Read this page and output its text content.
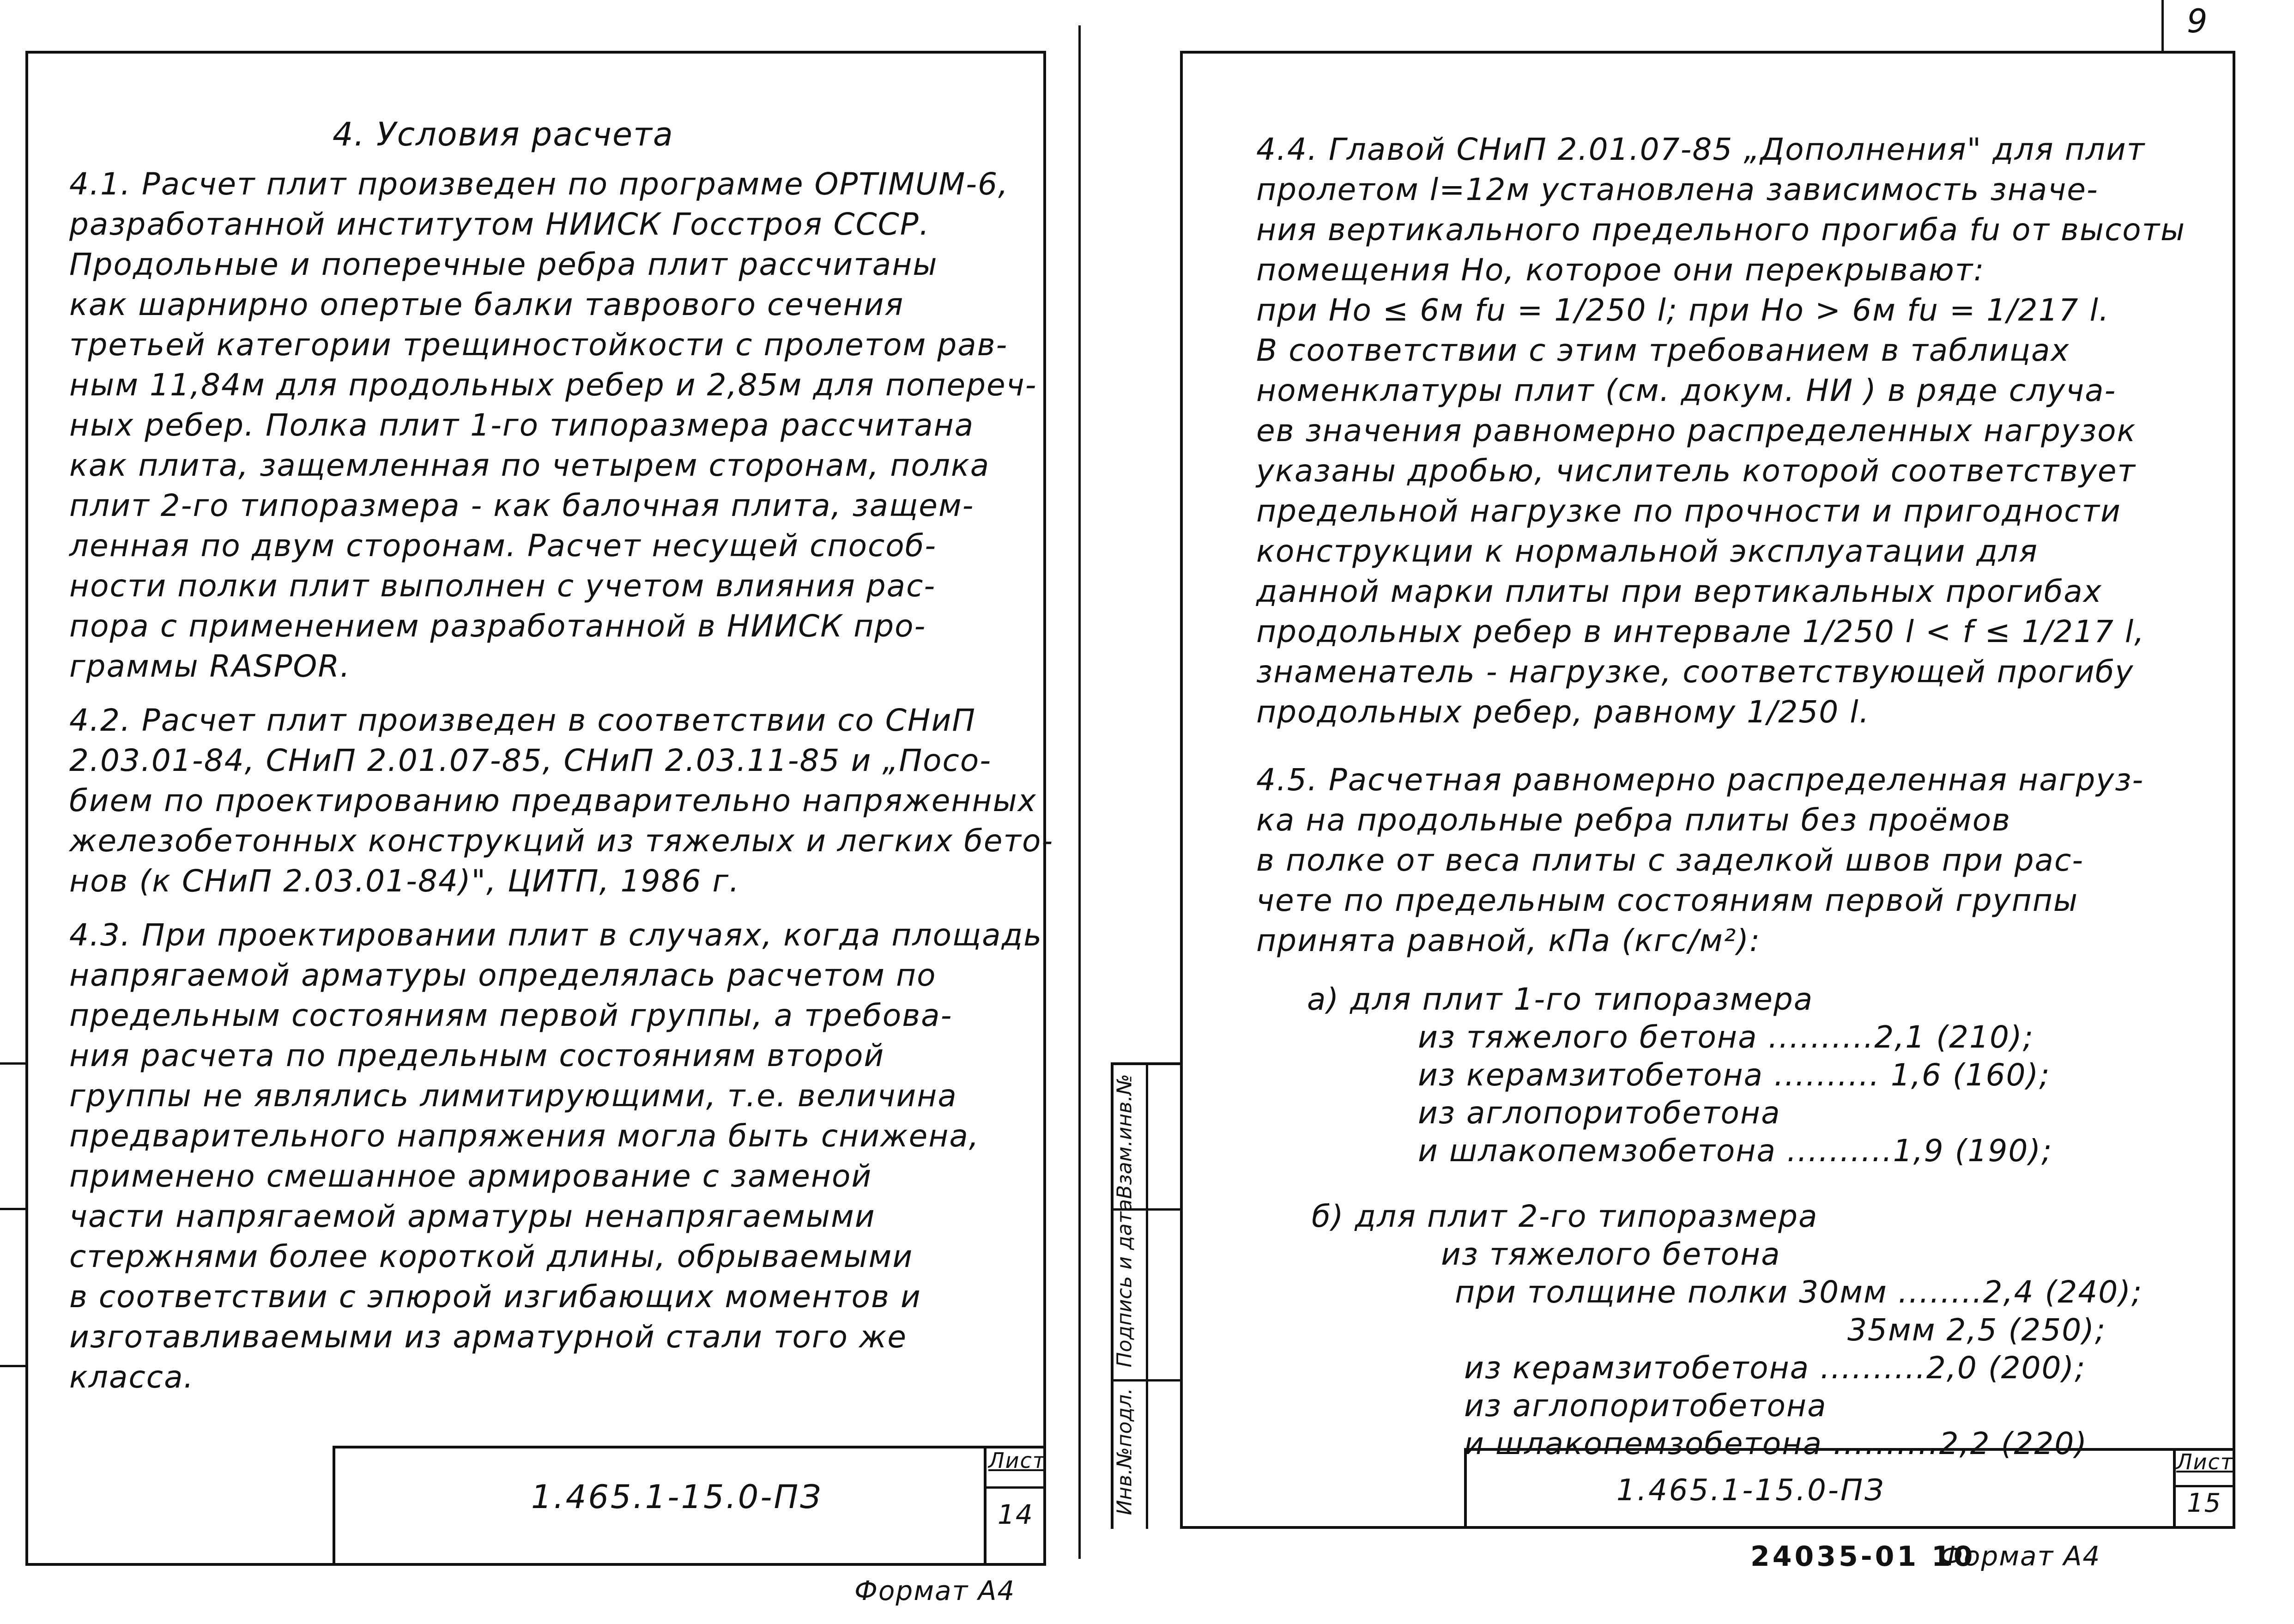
4. Условия расчета
4.1. Расчет плит произведен по программе OPTIMUM-6,
разработанной институтом НИИСК Госстроя СССР.
Продольные и поперечные ребра плит рассчитаны
как шарнирно опертые балки таврового сечения
третьей категории трещиностойкости с пролетом рав-
ным 11,84м для продольных ребер и 2,85м для попереч-
ных ребер. Полка плит 1-го типоразмера рассчитана
как плита, защемленная по четырем сторонам, полка
плит 2-го типоразмера - как балочная плита, защем-
ленная по двум сторонам. Расчет несущей способ-
ности полки плит выполнен с учетом влияния рас-
пора с применением разработанной в НИИСК про-
граммы RASPOR.
4.2. Расчет плит произведен в соответствии со СНиП
2.03.01-84, СНиП 2.01.07-85, СНиП 2.03.11-85 и „Посо-
бием по проектированию предварительно напряженных
железобетонных конструкций из тяжелых и легких бето-
нов (к СНиП 2.03.01-84)", ЦИТП, 1986 г.
4.3. При проектировании плит в случаях, когда площадь
напрягаемой арматуры определялась расчетом по
предельным состояниям первой группы, а требова-
ния расчета по предельным состояниям второй
группы не являлись лимитирующими, т.е. величина
предварительного напряжения могла быть снижена,
применено смешанное армирование с заменой
части напрягаемой арматуры ненапрягаемыми
стержнями более короткой длины, обрываемыми
в соответствии с эпюрой изгибающих моментов и
изготавливаемыми из арматурной стали того же
класса.
1.465.1-15.0-ПЗ
Лист
14
Формат А4
9
Инв.№подл.
Подпись и дата
Взам.инв.№
4.4. Главой СНиП 2.01.07-85 „Дополнения" для плит
пролетом l=12м установлена зависимость значе-
ния вертикального предельного прогиба fu от высоты
помещения Hо, которое они перекрывают:
при Hо ≤ 6м fu = 1/250 l; при Hо > 6м fu = 1/217 l.
В соответствии с этим требованием в таблицах
номенклатуры плит (см. докум. НИ ) в ряде случа-
ев значения равномерно распределенных нагрузок
указаны дробью, числитель которой соответствует
предельной нагрузке по прочности и пригодности
конструкции к нормальной эксплуатации для
данной марки плиты при вертикальных прогибах
продольных ребер в интервале 1/250 l < f ≤ 1/217 l,
знаменатель - нагрузке, соответствующей прогибу
продольных ребер, равному 1/250 l.
4.5. Расчетная равномерно распределенная нагруз-
ка на продольные ребра плиты без проёмов
в полке от веса плиты с заделкой швов при рас-
чете по предельным состояниям первой группы
принята равной, кПа (кгс/м²):
а) для плит 1-го типоразмера
из тяжелого бетона ..........2,1 (210);
из керамзитобетона .......... 1,6 (160);
из аглопоритобетона
и шлакопемзобетона ..........1,9 (190);
б) для плит 2-го типоразмера
из тяжелого бетона
при толщине полки 30мм ........2,4 (240);
35мм 2,5 (250);
из керамзитобетона ..........2,0 (200);
из аглопоритобетона
и шлакопемзобетона ..........2,2 (220)
1.465.1-15.0-ПЗ
Лист
15
24035-01 10
Формат А4
